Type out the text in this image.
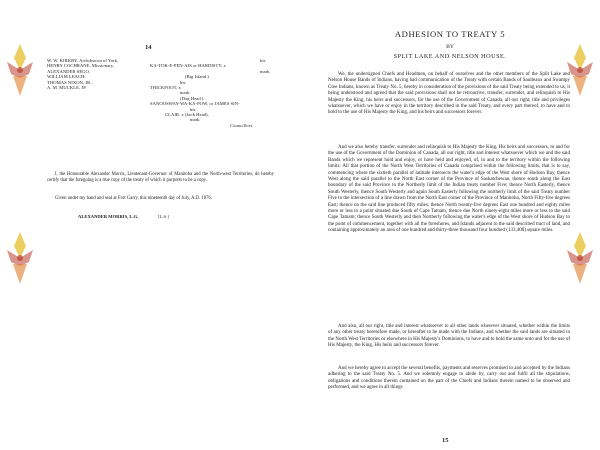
14
W. W. KIRKBY, Archdeacon of York,
HENRY COCHRANE, Missionary,
ALEXANDER SEGO,
WILLIAM LEACH,
THOMAS NIXON, JR.,
A. M. MUCKLE, JP.
his
KA-TOK-E-PEN-AIS or HARDISTY, x
mark
(Big Island.)
his
THICKFOOT, x
mark
(Dog Head.)
SANOOSWAY-WA-KA-POW, or JAMES SIN-
his
CLAIR, x (Jack Head),
mark
Councillors.
I, the Honourable Alexander Morris, Lieutenant-Governor of Manitoba and the North-west Territories, do hereby certify that the foregoing is a true copy of the treaty of which it purports to be a copy.
Given under my hand and seal at Fort Garry, this nineteenth day of July, A.D. 1876.
ALEXANDER MORRIS, L.G.	[L.S.]
ADHESION TO TREATY 5
BY
SPLIT LAKE AND NELSON HOUSE.
We, the undersigned Chiefs and Headmen, on behalf of ourselves and the other members of the Split Lake and Nelson House Bands of Indians, having had communication of the Treaty with certain Bands of Saulteaux and Swampy Cree Indians, known as Treaty No. 5, hereby in consideration of the provisions of the said Treaty being extended to us, it being understood and agreed that the said provisions shall not be retroactive, transfer, surrender, and relinquish to His Majesty the King, his heirs and successors, for the use of the Government of Canada, all our right, title and privileges whatsoever, which we have or enjoy in the territory described in the said Treaty, and every part thereof, to have and to hold to the use of His Majesty the King, and his heirs and successors forever.
And we also hereby transfer, surrender and relinquish to His Majesty the King, His heirs and successors, to and for the use of the Government of the Dominion of Canada, all our right, title and interest whatsoever which we and the said Bands which we represent hold and enjoy, or have held and enjoyed, of, in and to the territory within the following limits: All that portion of the North West Territories of Canada comprised within the following limits, that is to say, commencing where the sixtieth parallel of latitude intersects the water's edge of the West shore of Hudson Bay, thence West along the said parallel to the North East corner of the Province of Saskatchewan, thence south along the East boundary of the said Province to the Northerly limit of the Indian treaty number Five; thence North Easterly, thence South Westerly, thence South Westerly and again South Easterly following the northerly limit of the said Treaty number Five to the intersection of a line drawn from the North East corner of the Province of Manitoba, North Fifty-five degrees East; thence on the said line produced fifty miles; thence North twenty-five degrees East one hundred and eighty miles more or less to a point situated due South of Cape Tatnam, thence due North ninety-eight miles more or less to the said Cape Tatnam; thence South Westerly and then Northerly following the water's edge of the West shore of Hudson Bay to the point of commencement, together with all the foreshores, and Islands adjacent to the said described tract of land, and containing approximately an area of one hundred and thirty-three thousand four hundred (133,400) square miles.
And also, all our right, title and interest whatsoever to all other lands wherever situated, whether within the limits of any other treaty heretofore made, or hereafter to be made with the Indians, and whether the said lands are situated in the North West Territories or elsewhere in His Majesty's Dominions, to have and to hold the same unto and for the use of His Majesty, the King, His heirs and successors forever.
And we hereby agree to accept the several benefits, payments and reserves promised to and accepted by the Indians adhering to the said Treaty No. 5. And we solemnly engage to abide by, carry out and fulfil all the stipulations, obligations and conditions therein contained on the part of the Chiefs and Indians therein named to be observed and performed, and we agree in all things
15
